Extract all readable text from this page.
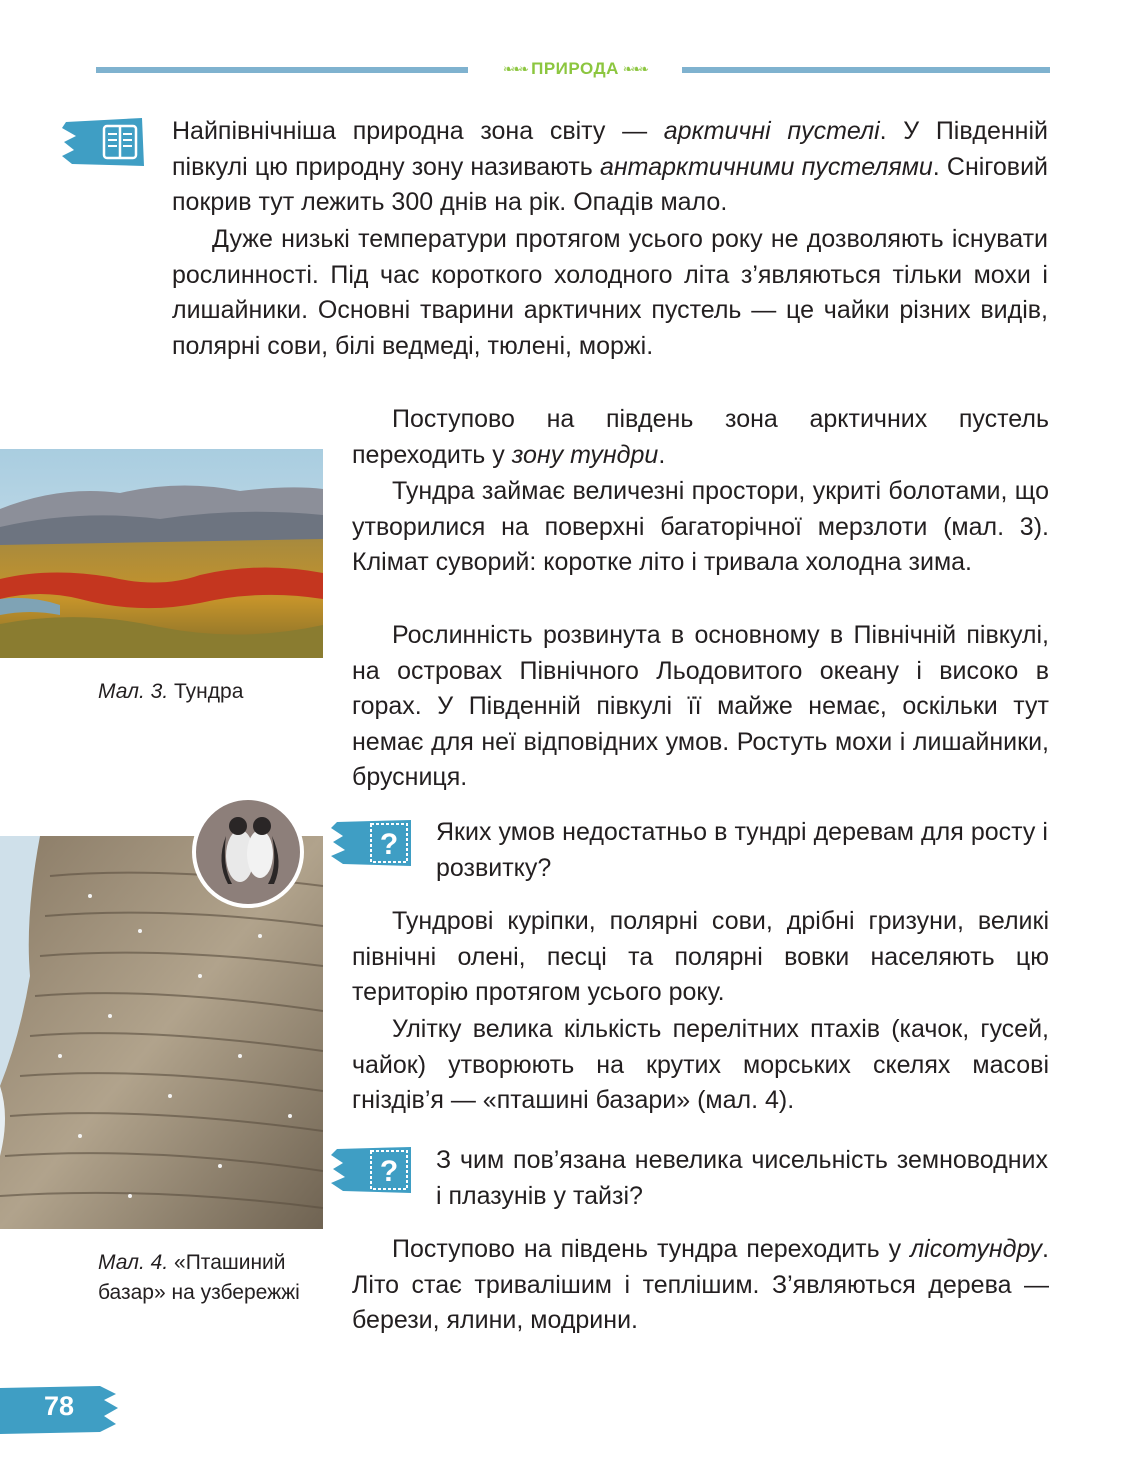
❧❧❧ ПРИРОДА ❧❧❧

Найпівнічніша природна зона світу — арктичні пустелі. У Південній півкулі цю природну зону називають антарктичними пустелями. Сніговий покрив тут лежить 300 днів на рік. Опадів мало.

Дуже низькі температури протягом усього року не дозволяють існувати рослинності. Під час короткого холодного літа з’являються тільки мохи і лишайники. Основні тварини арктичних пустель — це чайки різних видів, полярні сови, білі ведмеді, тюлені, моржі.

Мал. 3. Тундра

Поступово на південь зона арктичних пустель переходить у зону тундри.

Тундра займає величезні простори, укриті болотами, що утворилися на поверхні багаторічної мерзлоти (мал. 3). Клімат суворий: коротке літо і тривала холодна зима.

Рослинність розвинута в основному в Північній півкулі, на островах Північного Льодовитого океану і високо в горах. У Південній півкулі її майже немає, оскільки тут немає для неї відповідних умов. Ростуть мохи і лишайники, брусниця.

? Яких умов недостатньо в тундрі деревам для росту і розвитку?

Мал. 4. «Пташиний базар» на узбережжі

Тундрові куріпки, полярні сови, дрібні гризуни, великі північні олені, песці та полярні вовки населяють цю територію протягом усього року.

Улітку велика кількість перелітних птахів (качок, гусей, чайок) утворюють на крутих морських скелях масові гніздів’я — «пташині базари» (мал. 4).

? З чим пов’язана невелика чисельність земноводних і плазунів у тайзі?

Поступово на південь тундра переходить у лісотундру. Літо стає тривалішим і теплішим. З’являються дерева — берези, ялини, модрини.

78
